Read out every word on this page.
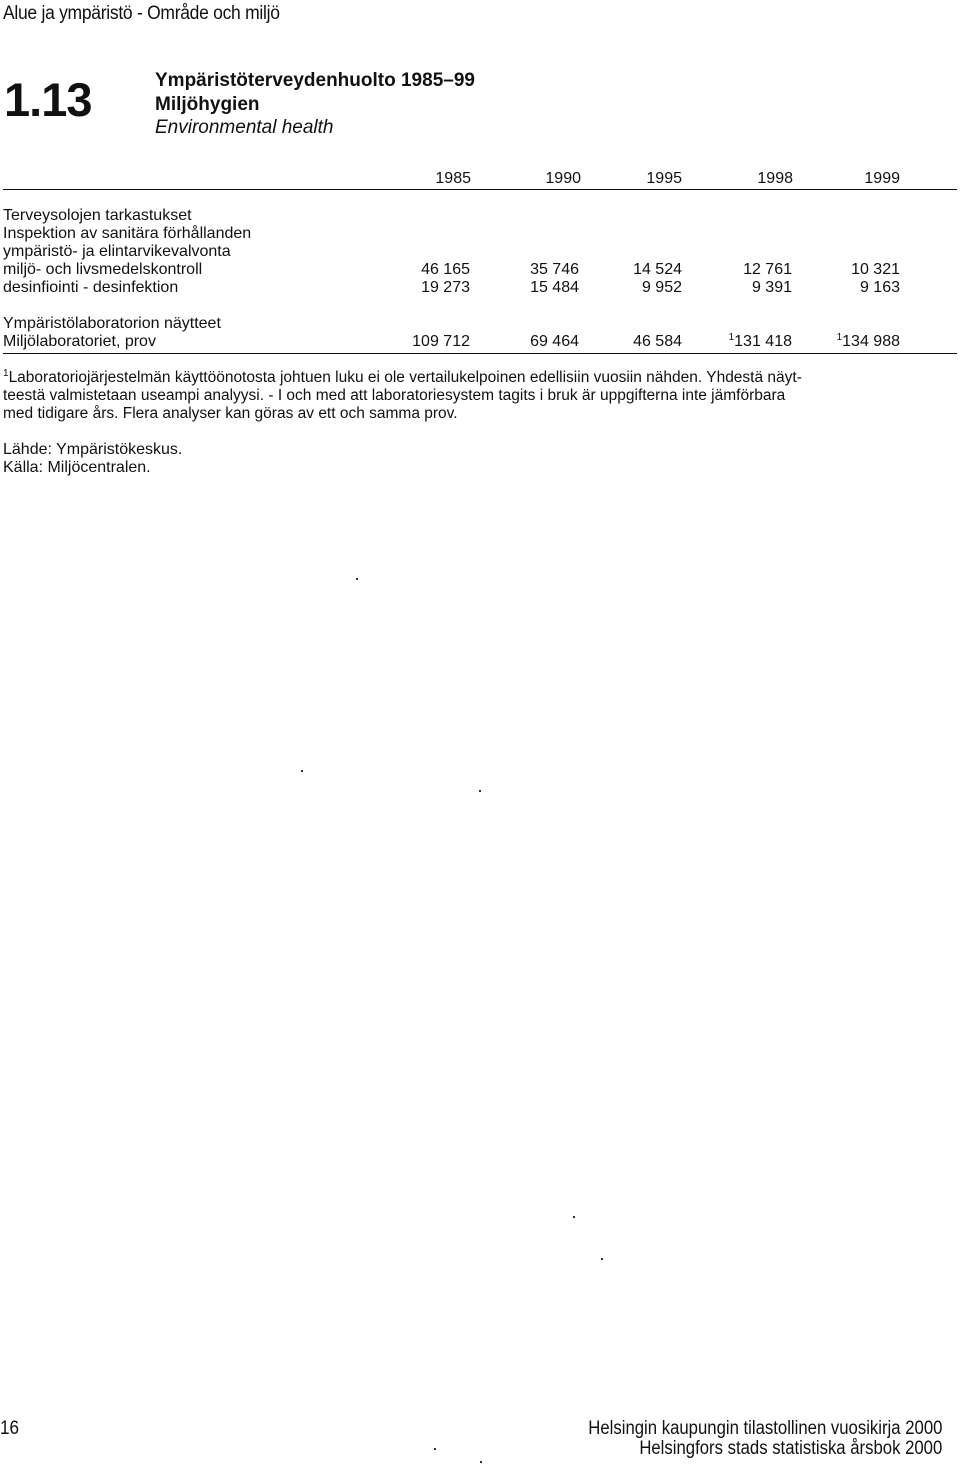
Alue ja ympäristö - Område och miljö
1.13	Ympäristöterveydenhuolto 1985–99
Miljöhygien
Environmental health
1985	1990	1995	1998	1999
Terveysolojen tarkastukset
Inspektion av sanitära förhållanden
ympäristö- ja elintarvikevalvonta
miljö- och livsmedelskontroll	46 165	35 746	14 524	12 761	10 321
desinfiointi - desinfektion	19 273	15 484	9 952	9 391	9 163
Ympäristölaboratorion näytteet
Miljölaboratoriet, prov	109 712	69 464	46 584	$^1$131 418	$^1$134 988
$^1$Laboratoriojärjestelmän käyttöönotosta johtuen luku ei ole vertailukelpoinen edellisiin vuosiin nähden. Yhdestä näyt-
teestä valmistetaan useampi analyysi. - I och med att laboratoriesystem tagits i bruk är uppgifterna inte jämförbara
med tidigare års. Flera analyser kan göras av ett och samma prov.
Lähde: Ympäristökeskus.
Källa: Miljöcentralen.
16	Helsingin kaupungin tilastollinen vuosikirja 2000
Helsingfors stads statistiska årsbok 2000
